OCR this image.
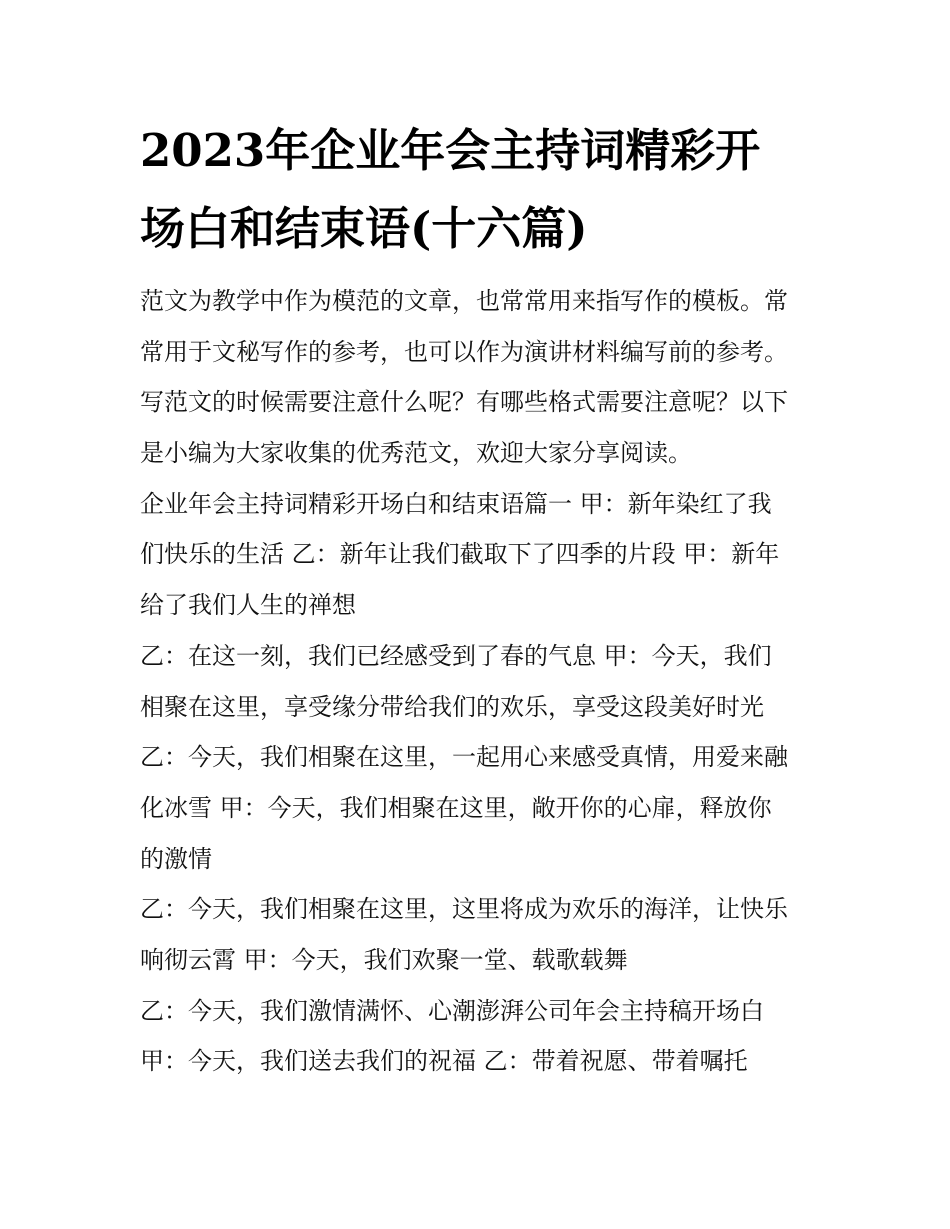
2023年企业年会主持词精彩开
场白和结束语(十六篇)
范文为教学中作为模范的文章，也常常用来指写作的模板。常
常用于文秘写作的参考，也可以作为演讲材料编写前的参考。
写范文的时候需要注意什么呢？有哪些格式需要注意呢？以下
是小编为大家收集的优秀范文，欢迎大家分享阅读。
企业年会主持词精彩开场白和结束语篇一 甲：新年染红了我
们快乐的生活 乙：新年让我们截取下了四季的片段 甲：新年
给了我们人生的禅想
乙：在这一刻，我们已经感受到了春的气息 甲：今天，我们
相聚在这里，享受缘分带给我们的欢乐，享受这段美好时光
乙：今天，我们相聚在这里，一起用心来感受真情，用爱来融
化冰雪 甲：今天，我们相聚在这里，敞开你的心扉，释放你
的激情
乙：今天，我们相聚在这里，这里将成为欢乐的海洋，让快乐
响彻云霄 甲：今天，我们欢聚一堂、载歌载舞
乙：今天，我们激情满怀、心潮澎湃公司年会主持稿开场白
甲：今天，我们送去我们的祝福 乙：带着祝愿、带着嘱托
